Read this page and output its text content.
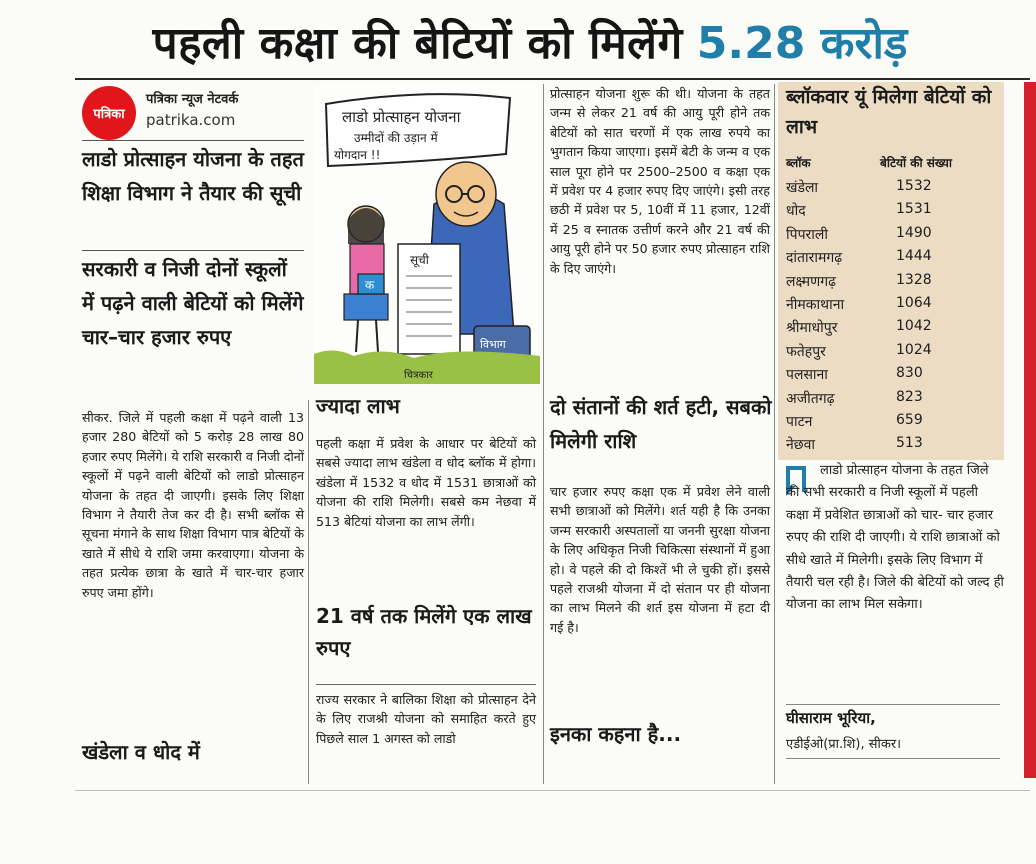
पहली कक्षा की बेटियों को मिलेंगे 5.28 करोड़
पत्रिका
पत्रिका न्यूज नेटवर्क
patrika.com
लाडो प्रोत्साहन योजना के तहत शिक्षा विभाग ने तैयार की सूची
सरकारी व निजी दोनों स्कूलों में पढ़ने वाली बेटियों को मिलेंगे चार–चार हजार रुपए
सीकर. जिले में पहली कक्षा में पढ़ने वाली 13 हजार 280 बेटियों को 5 करोड़ 28 लाख 80 हजार रुपए मिलेंगे। ये राशि सरकारी व निजी दोनों स्कूलों में पढ़ने वाली बेटियों को लाडो प्रोत्साहन योजना के तहत दी जाएगी। इसके लिए शिक्षा विभाग ने तैयारी तेज कर दी है। सभी ब्लॉक से सूचना मंगाने के साथ शिक्षा विभाग पात्र बेटियों के खाते में सीधे ये राशि जमा करवाएगा। योजना के तहत प्रत्येक छात्रा के खाते में चार-चार हजार रुपए जमा होंगे।
खंडेला व धोद में
लाडो प्रोत्साहन योजना
उम्मीदों की उड़ान में
योगदान !!
सूची
क
विभाग
चित्रकार
ज्यादा लाभ
पहली कक्षा में प्रवेश के आधार पर बेटियों को सबसे ज्यादा लाभ खंडेला व धोद ब्लॉक में होगा। खंडेला में 1532 व धोद में 1531 छात्राओं को योजना की राशि मिलेगी। सबसे कम नेछवा में 513 बेटियां योजना का लाभ लेंगी।
21 वर्ष तक मिलेंगे एक लाख रुपए
राज्य सरकार ने बालिका शिक्षा को प्रोत्साहन देने के लिए राजश्री योजना को समाहित करते हुए पिछले साल 1 अगस्त को लाडो
प्रोत्साहन योजना शुरू की थी। योजना के तहत जन्म से लेकर 21 वर्ष की आयु पूरी होने तक बेटियों को सात चरणों में एक लाख रुपये का भुगतान किया जाएगा। इसमें बेटी के जन्म व एक साल पूरा होने पर 2500–2500 व कक्षा एक में प्रवेश पर 4 हजार रुपए दिए जाएंगे। इसी तरह छठी में प्रवेश पर 5, 10वीं में 11 हजार, 12वीं में 25 व स्नातक उत्तीर्ण करने और 21 वर्ष की आयु पूरी होने पर 50 हजार रुपए प्रोत्साहन राशि के दिए जाएंगे।
दो संतानों की शर्त हटी, सबको मिलेगी राशि
चार हजार रुपए कक्षा एक में प्रवेश लेने वाली सभी छात्राओं को मिलेंगे। शर्त यही है कि उनका जन्म सरकारी अस्पतालों या जननी सुरक्षा योजना के लिए अधिकृत निजी चिकित्सा संस्थानों में हुआ हो। वे पहले की दो किश्तें भी ले चुकी हों। इससे पहले राजश्री योजना में दो संतान पर ही योजना का लाभ मिलने की शर्त इस योजना में हटा दी गई है।
इनका कहना है...
ब्लॉकवार यूं मिलेगा बेटियों को लाभ
ब्लॉक	बेटियों की संख्या
खंडेला	1532
धोद	1531
पिपराली	1490
दांतारामगढ़	1444
लक्ष्मणगढ़	1328
नीमकाथाना	1064
श्रीमाधोपुर	1042
फतेहपुर	1024
पलसाना	830
अजीतगढ़	823
पाटन	659
नेछवा	513
लाडो प्रोत्साहन योजना के तहत जिले की सभी सरकारी व निजी स्कूलों में पहली कक्षा में प्रवेशित छात्राओं को चार- चार हजार रुपए की राशि दी जाएगी। ये राशि छात्राओं को सीधे खाते में मिलेगी। इसके लिए विभाग में तैयारी चल रही है। जिले की बेटियों को जल्द ही योजना का लाभ मिल सकेगा।
घीसाराम भूरिया,
एडीईओ(प्रा.शि), सीकर।
